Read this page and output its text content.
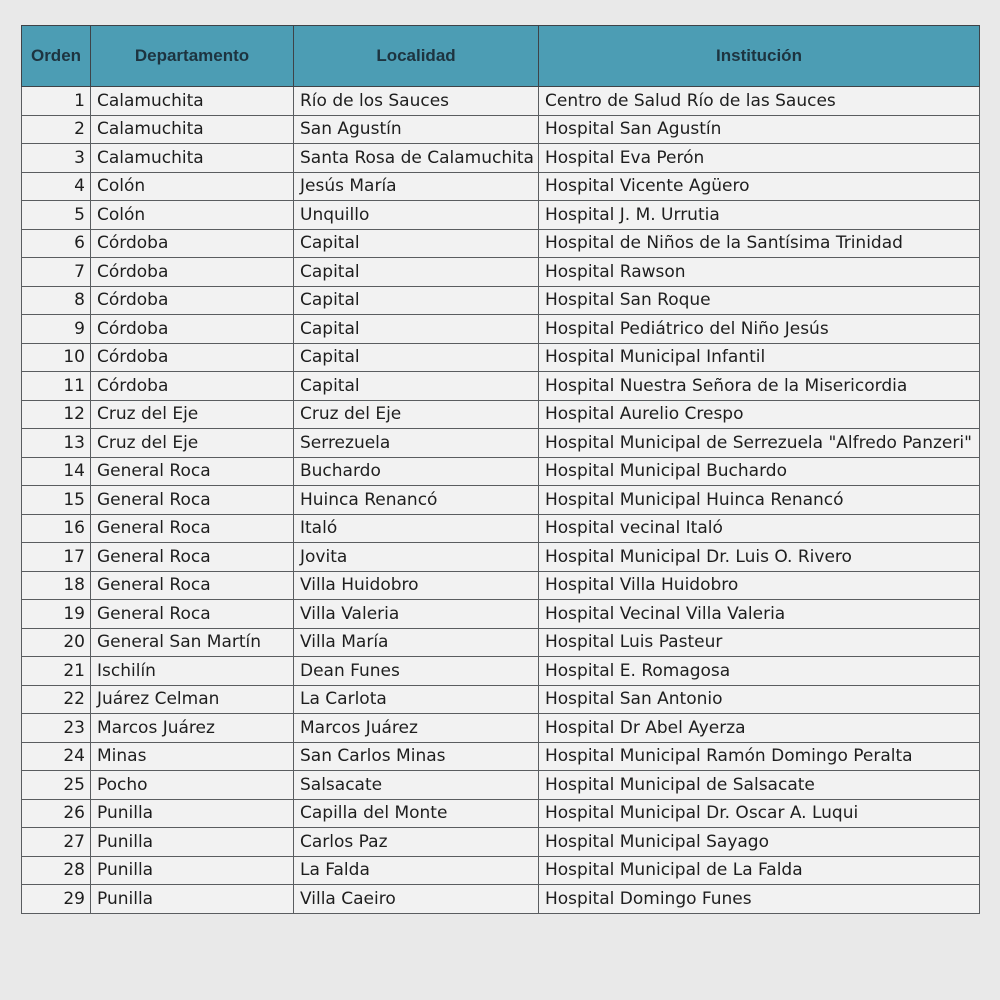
Orden	Departamento	Localidad	Institución
1	Calamuchita	Río de los Sauces	Centro de Salud Río de las Sauces
2	Calamuchita	San Agustín	Hospital San Agustín
3	Calamuchita	Santa Rosa de Calamuchita	Hospital Eva Perón
4	Colón	Jesús María	Hospital Vicente Agüero
5	Colón	Unquillo	Hospital J. M. Urrutia
6	Córdoba	Capital	Hospital de Niños de la Santísima Trinidad
7	Córdoba	Capital	Hospital Rawson
8	Córdoba	Capital	Hospital San Roque
9	Córdoba	Capital	Hospital Pediátrico del Niño Jesús
10	Córdoba	Capital	Hospital Municipal Infantil
11	Córdoba	Capital	Hospital Nuestra Señora de la Misericordia
12	Cruz del Eje	Cruz del Eje	Hospital Aurelio Crespo
13	Cruz del Eje	Serrezuela	Hospital Municipal de Serrezuela "Alfredo Panzeri"
14	General Roca	Buchardo	Hospital Municipal Buchardo
15	General Roca	Huinca Renancó	Hospital Municipal Huinca Renancó
16	General Roca	Italó	Hospital vecinal Italó
17	General Roca	Jovita	Hospital Municipal Dr. Luis O. Rivero
18	General Roca	Villa Huidobro	Hospital Villa Huidobro
19	General Roca	Villa Valeria	Hospital Vecinal Villa Valeria
20	General San Martín	Villa María	Hospital Luis Pasteur
21	Ischilín	Dean Funes	Hospital E. Romagosa
22	Juárez Celman	La Carlota	Hospital San Antonio
23	Marcos Juárez	Marcos Juárez	Hospital Dr Abel Ayerza
24	Minas	San Carlos Minas	Hospital Municipal Ramón Domingo Peralta
25	Pocho	Salsacate	Hospital Municipal de Salsacate
26	Punilla	Capilla del Monte	Hospital Municipal Dr. Oscar A. Luqui
27	Punilla	Carlos Paz	Hospital Municipal Sayago
28	Punilla	La Falda	Hospital Municipal de La Falda
29	Punilla	Villa Caeiro	Hospital Domingo Funes
